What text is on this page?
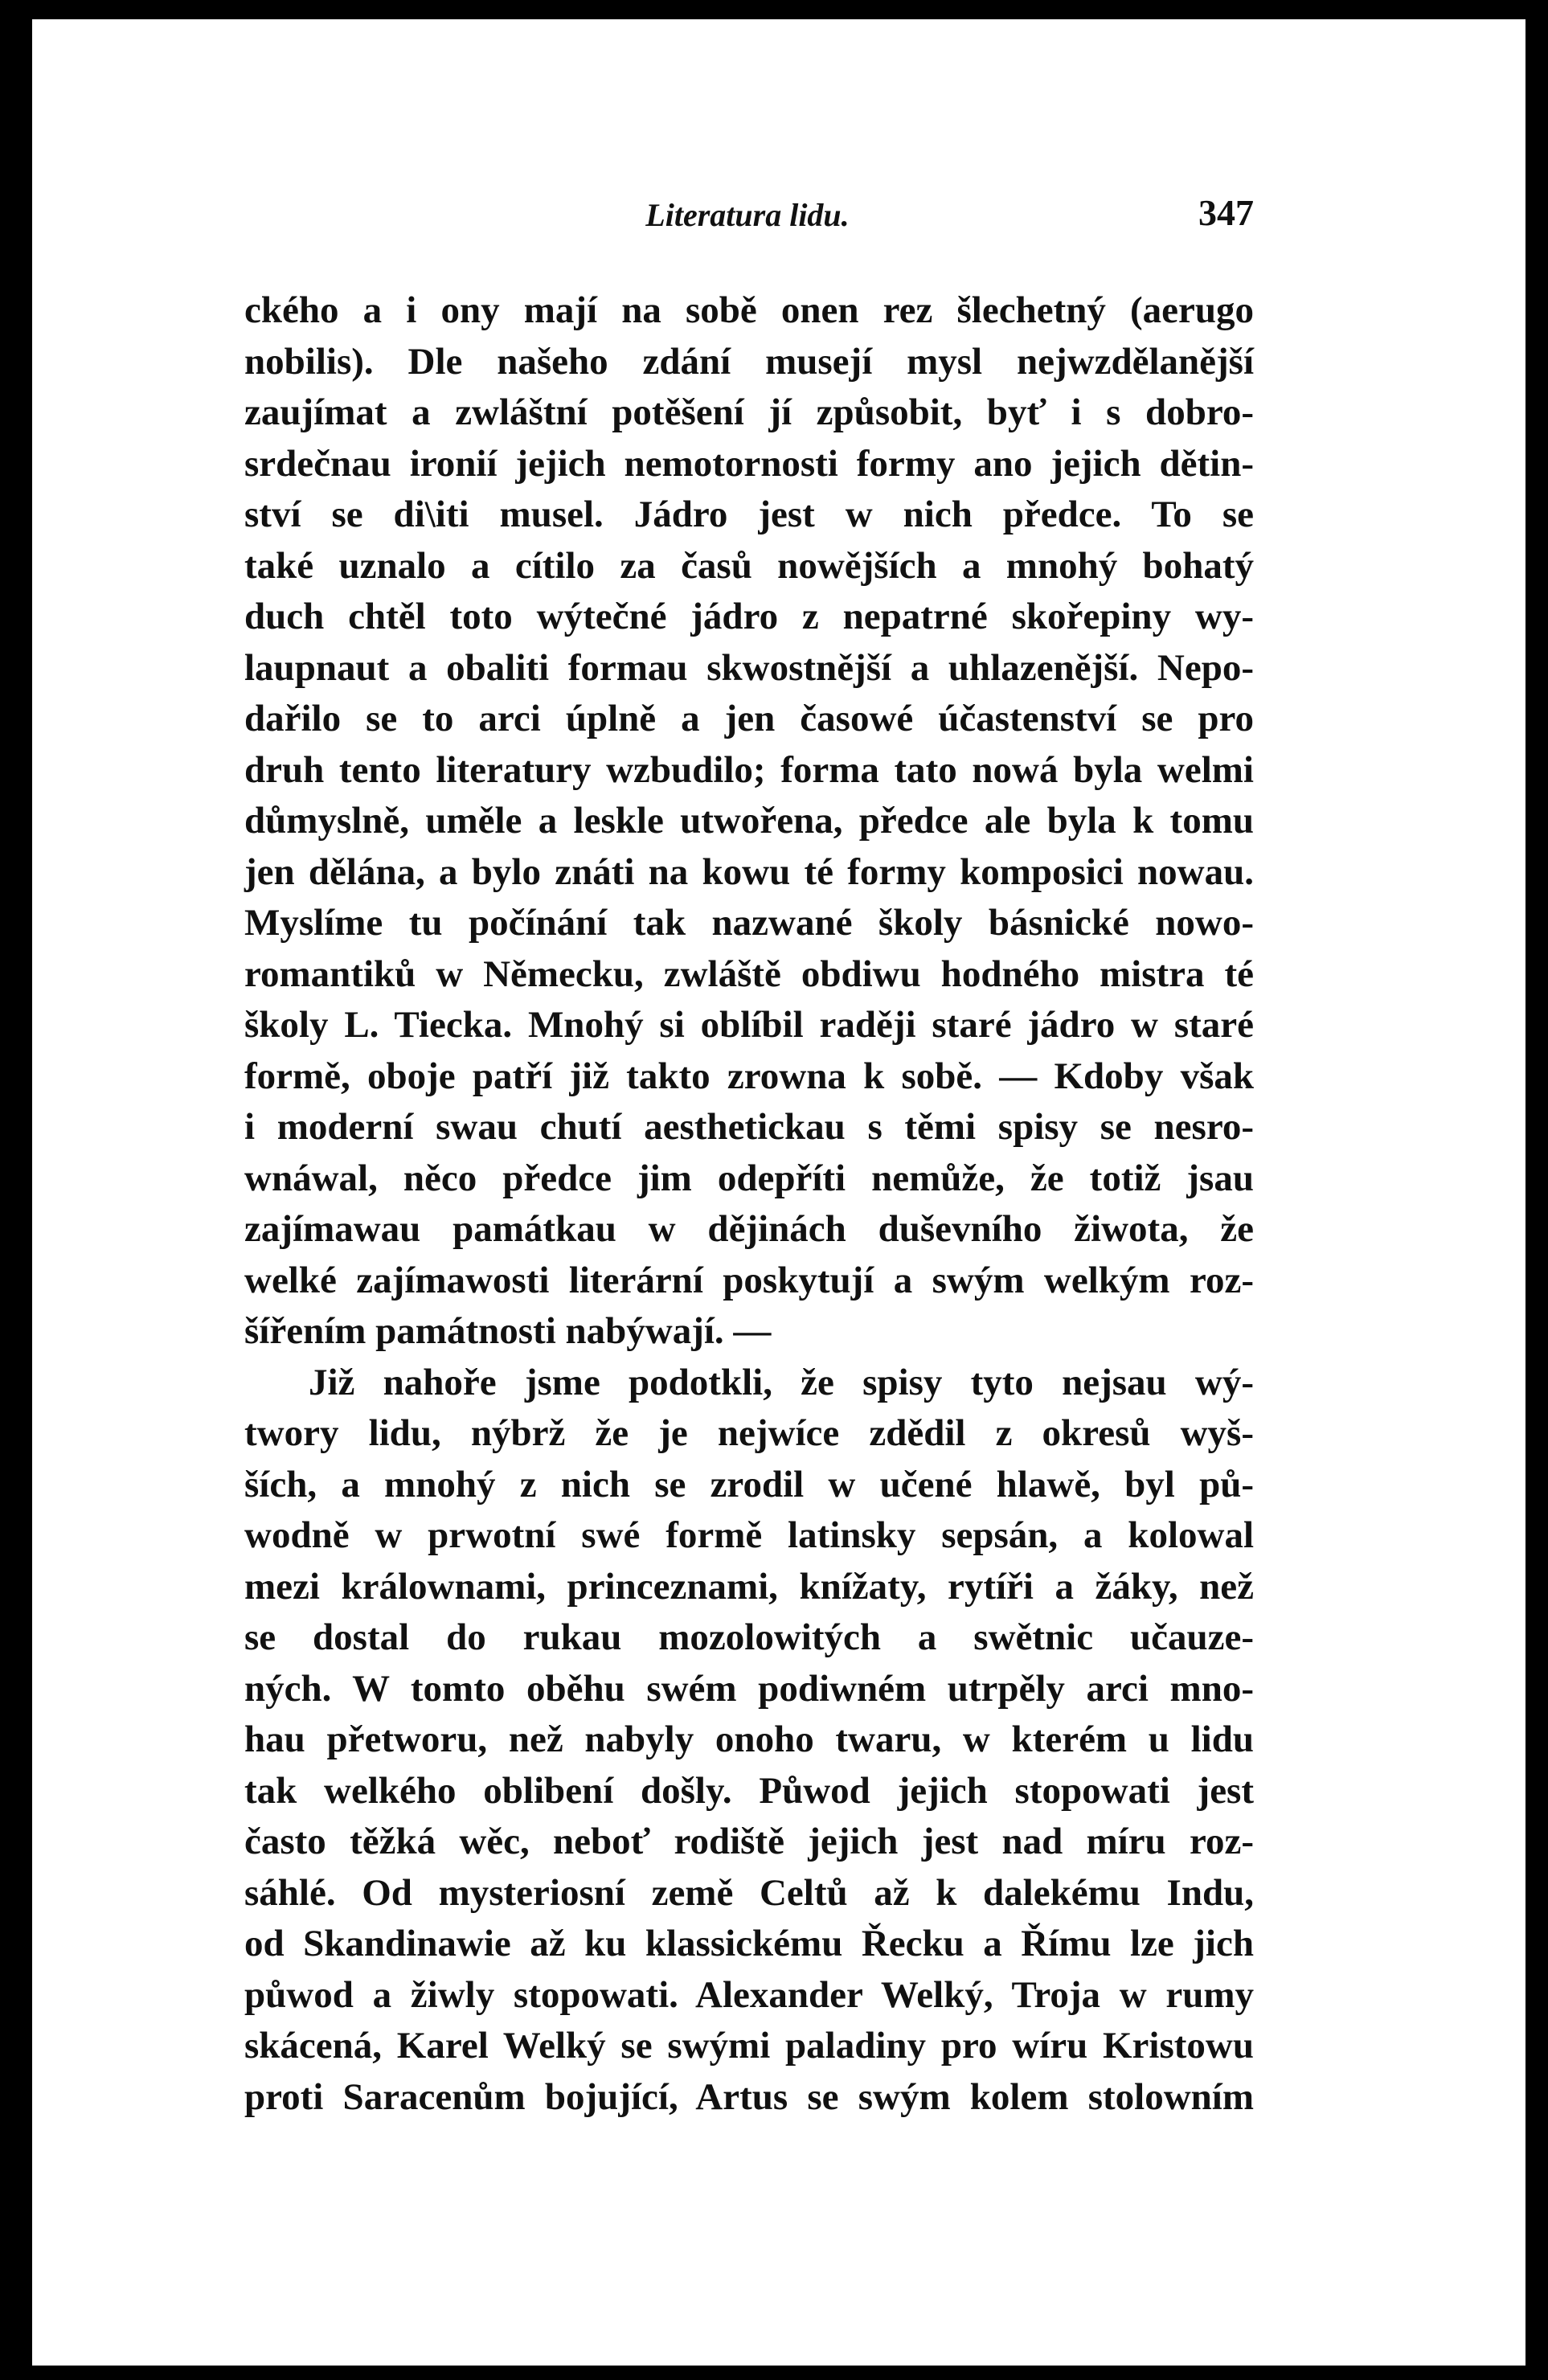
Literatura lidu.	347
ckého a i ony mají na sobě onen rez šlechetný (aerugo
nobilis). Dle našeho zdání musejí mysl nejwzdělanější
zaujímat a zwláštní potěšení jí způsobit, byť i s dobro-
srdečnau ironií jejich nemotornosti formy ano jejich dětin-
ství se di\iti musel. Jádro jest w nich předce. To se
také uznalo a cítilo za časů nowějších a mnohý bohatý
duch chtěl toto wýtečné jádro z nepatrné skořepiny wy-
laupnaut a obaliti formau skwostnější a uhlazenější. Nepo-
dařilo se to arci úplně a jen časowé účastenství se pro
druh tento literatury wzbudilo; forma tato nowá byla welmi
důmyslně, uměle a leskle utwořena, předce ale byla k tomu
jen dělána, a bylo znáti na kowu té formy komposici nowau.
Myslíme tu počínání tak nazwané školy básnické nowo-
romantiků w Německu, zwláště obdiwu hodného mistra té
školy L. Tiecka. Mnohý si oblíbil raději staré jádro w staré
formě, oboje patří již takto zrowna k sobě. — Kdoby však
i moderní swau chutí aesthetickau s těmi spisy se nesro-
wnáwal, něco předce jim odepříti nemůže, že totiž jsau
zajímawau památkau w dějinách duševního žiwota, že
welké zajímawosti literární poskytují a swým welkým roz-
šířením památnosti nabýwají. —
Již nahoře jsme podotkli, že spisy tyto nejsau wý-
twory lidu, nýbrž že je nejwíce zdědil z okresů wyš-
ších, a mnohý z nich se zrodil w učené hlawě, byl pů-
wodně w prwotní swé formě latinsky sepsán, a kolowal
mezi králownami, princeznami, knížaty, rytíři a žáky, než
se dostal do rukau mozolowitých a swětnic učauze-
ných. W tomto oběhu swém podiwném utrpěly arci mno-
hau přetworu, než nabyly onoho twaru, w kterém u lidu
tak welkého oblibení došly. Půwod jejich stopowati jest
často těžká wěc, neboť rodiště jejich jest nad míru roz-
sáhlé. Od mysteriosní země Celtů až k dalekému Indu,
od Skandinawie až ku klassickému Řecku a Římu lze jich
půwod a žiwly stopowati. Alexander Welký, Troja w rumy
skácená, Karel Welký se swými paladiny pro wíru Kristowu
proti Saracenům bojující, Artus se swým kolem stolowním
